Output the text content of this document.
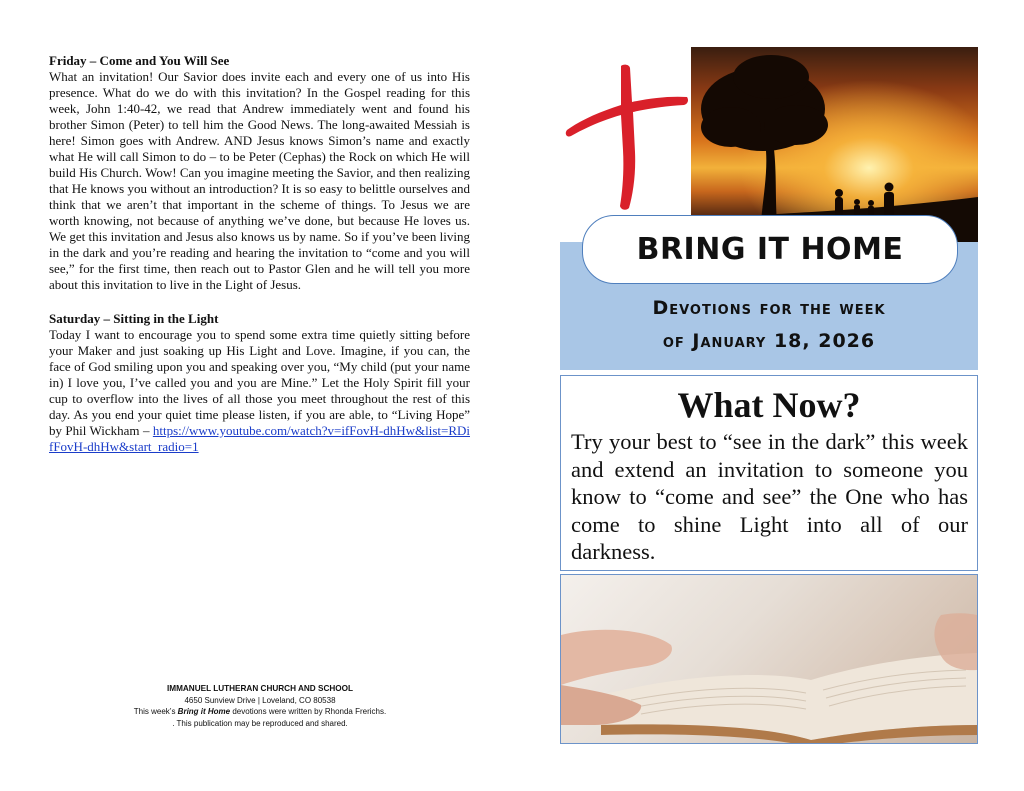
Friday – Come and You Will See

What an invitation! Our Savior does invite each and every one of us into His presence. What do we do with this invitation? In the Gospel reading for this week, John 1:40-42, we read that Andrew immediately went and found his brother Simon (Peter) to tell him the Good News. The long-awaited Messiah is here! Simon goes with Andrew. AND Jesus knows Simon’s name and exactly what He will call Simon to do – to be Peter (Cephas) the Rock on which He will build His Church. Wow! Can you imagine meeting the Savior, and then realizing that He knows you without an introduction? It is so easy to belittle ourselves and think that we aren’t that important in the scheme of things. To Jesus we are worth knowing, not because of anything we’ve done, but because He loves us. We get this invitation and Jesus also knows us by name. So if you’ve been living in the dark and you’re reading and hearing the invitation to “come and you will see,” for the first time, then reach out to Pastor Glen and he will tell you more about this invitation to live in the Light of Jesus.

Saturday – Sitting in the Light

Today I want to encourage you to spend some extra time quietly sitting before your Maker and just soaking up His Light and Love. Imagine, if you can, the face of God smiling upon you and speaking over you, “My child (put your name in) I love you, I’ve called you and you are Mine.” Let the Holy Spirit fill your cup to overflow into the lives of all those you meet throughout the rest of this day. As you end your quiet time please listen, if you are able, to “Living Hope” by Phil Wickham – https://www.youtube.com/watch?v=ifFovH-dhHw&list=RDifFovH-dhHw&start_radio=1

IMMANUEL LUTHERAN CHURCH AND SCHOOL
4650 Sunview Drive | Loveland, CO 80538
This week’s Bring it Home devotions were written by Rhonda Frerichs.
. This publication may be reproduced and shared.
BRING IT HOME
Devotions for the week
of January 18, 2026
What Now?
Try your best to “see in the dark” this week and extend an invitation to someone you know to “come and see” the One who has come to shine Light into all of our darkness.
